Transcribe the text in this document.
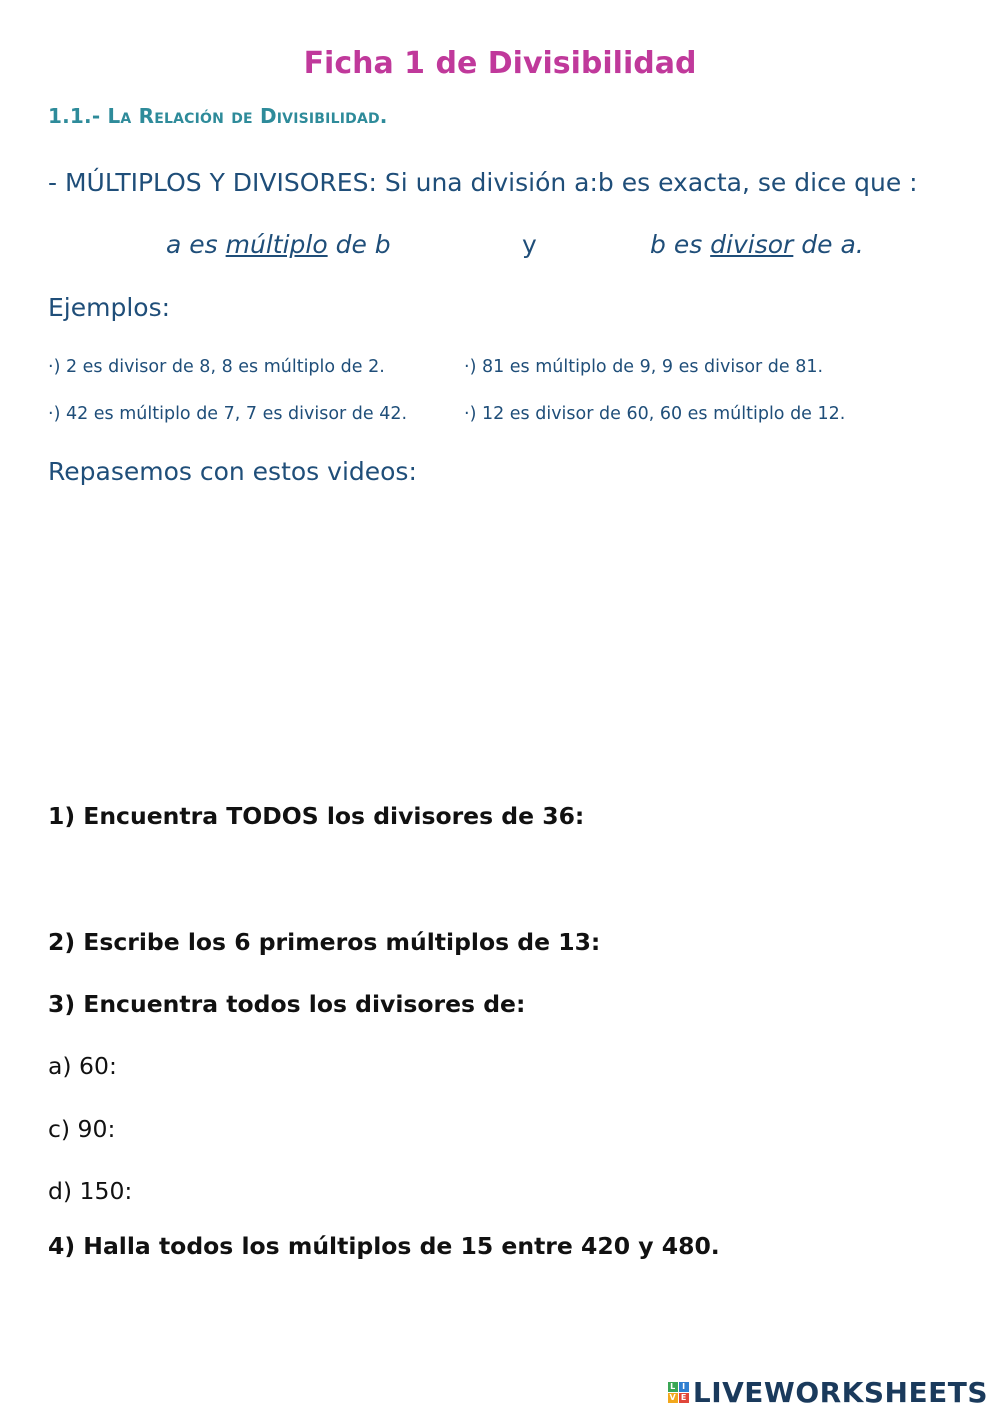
Ficha 1 de Divisibilidad
1.1.- La Relación de Divisibilidad.
- MÚLTIPLOS Y DIVISORES: Si una división a:b es exacta, se dice que :
a es múltiplo de b	y	b es divisor de a.
Ejemplos:
·) 2 es divisor de 8, 8 es múltiplo de 2.	·) 81 es múltiplo de 9, 9 es divisor de 81.
·) 42 es múltiplo de 7, 7 es divisor de 42.	·) 12 es divisor de 60, 60 es múltiplo de 12.
Repasemos con estos videos:
1) Encuentra TODOS los divisores de 36:
2) Escribe los 6 primeros múltiplos de 13:
3) Encuentra todos los divisores de:
a) 60:
c) 90:
d) 150:
4) Halla todos los múltiplos de 15 entre 420 y 480.
L I
V E LIVEWORKSHEETS
